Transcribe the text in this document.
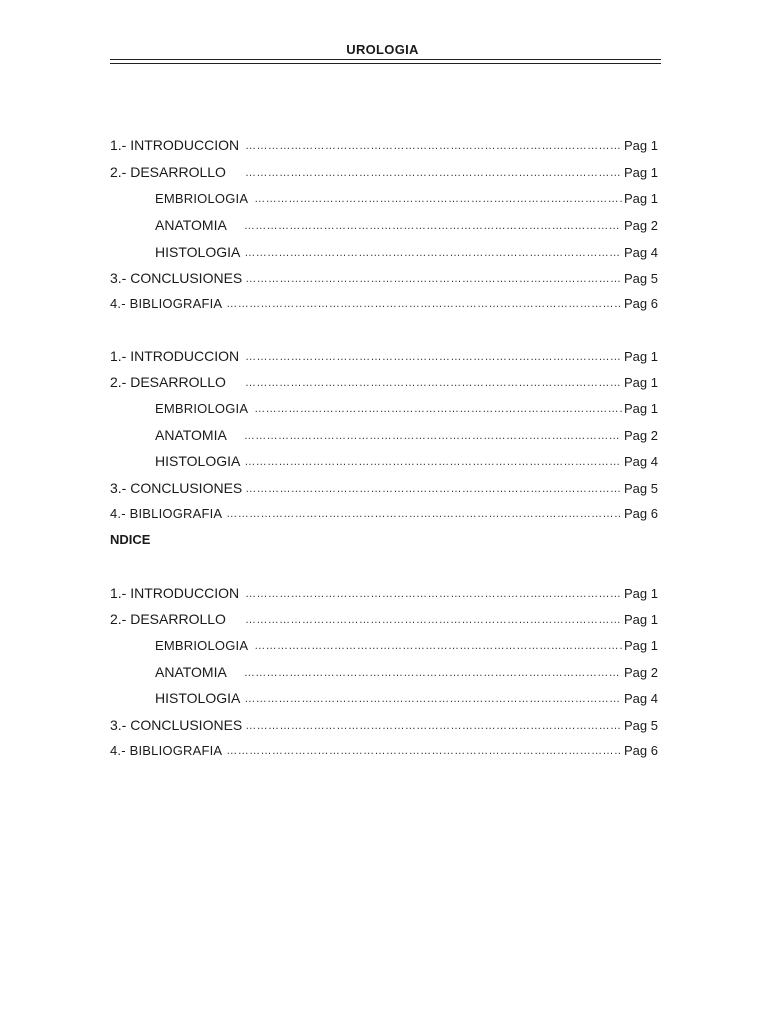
UROLOGIA
1.- INTRODUCCION ……………………………………………………………………………………………………………………………………………………………………	Pag 1
2.- DESARROLLO ……………………………………………………………………………………………………………………………………………………………………	Pag 1
EMBRIOLOGIA ……………………………………………………………………………………………………………………………………………………………………	Pag 1
ANATOMIA ……………………………………………………………………………………………………………………………………………………………………	Pag 2
HISTOLOGIA ……………………………………………………………………………………………………………………………………………………………………	Pag 4
3.- CONCLUSIONES ……………………………………………………………………………………………………………………………………………………………………	Pag 5
4.- BIBLIOGRAFIA ……………………………………………………………………………………………………………………………………………………………………	Pag 6
1.- INTRODUCCION ……………………………………………………………………………………………………………………………………………………………………	Pag 1
2.- DESARROLLO ……………………………………………………………………………………………………………………………………………………………………	Pag 1
EMBRIOLOGIA ……………………………………………………………………………………………………………………………………………………………………	Pag 1
ANATOMIA ……………………………………………………………………………………………………………………………………………………………………	Pag 2
HISTOLOGIA ……………………………………………………………………………………………………………………………………………………………………	Pag 4
3.- CONCLUSIONES ……………………………………………………………………………………………………………………………………………………………………	Pag 5
4.- BIBLIOGRAFIA ……………………………………………………………………………………………………………………………………………………………………	Pag 6
NDICE
1.- INTRODUCCION ……………………………………………………………………………………………………………………………………………………………………	Pag 1
2.- DESARROLLO ……………………………………………………………………………………………………………………………………………………………………	Pag 1
EMBRIOLOGIA ……………………………………………………………………………………………………………………………………………………………………	Pag 1
ANATOMIA ……………………………………………………………………………………………………………………………………………………………………	Pag 2
HISTOLOGIA ……………………………………………………………………………………………………………………………………………………………………	Pag 4
3.- CONCLUSIONES ……………………………………………………………………………………………………………………………………………………………………	Pag 5
4.- BIBLIOGRAFIA ……………………………………………………………………………………………………………………………………………………………………	Pag 6
